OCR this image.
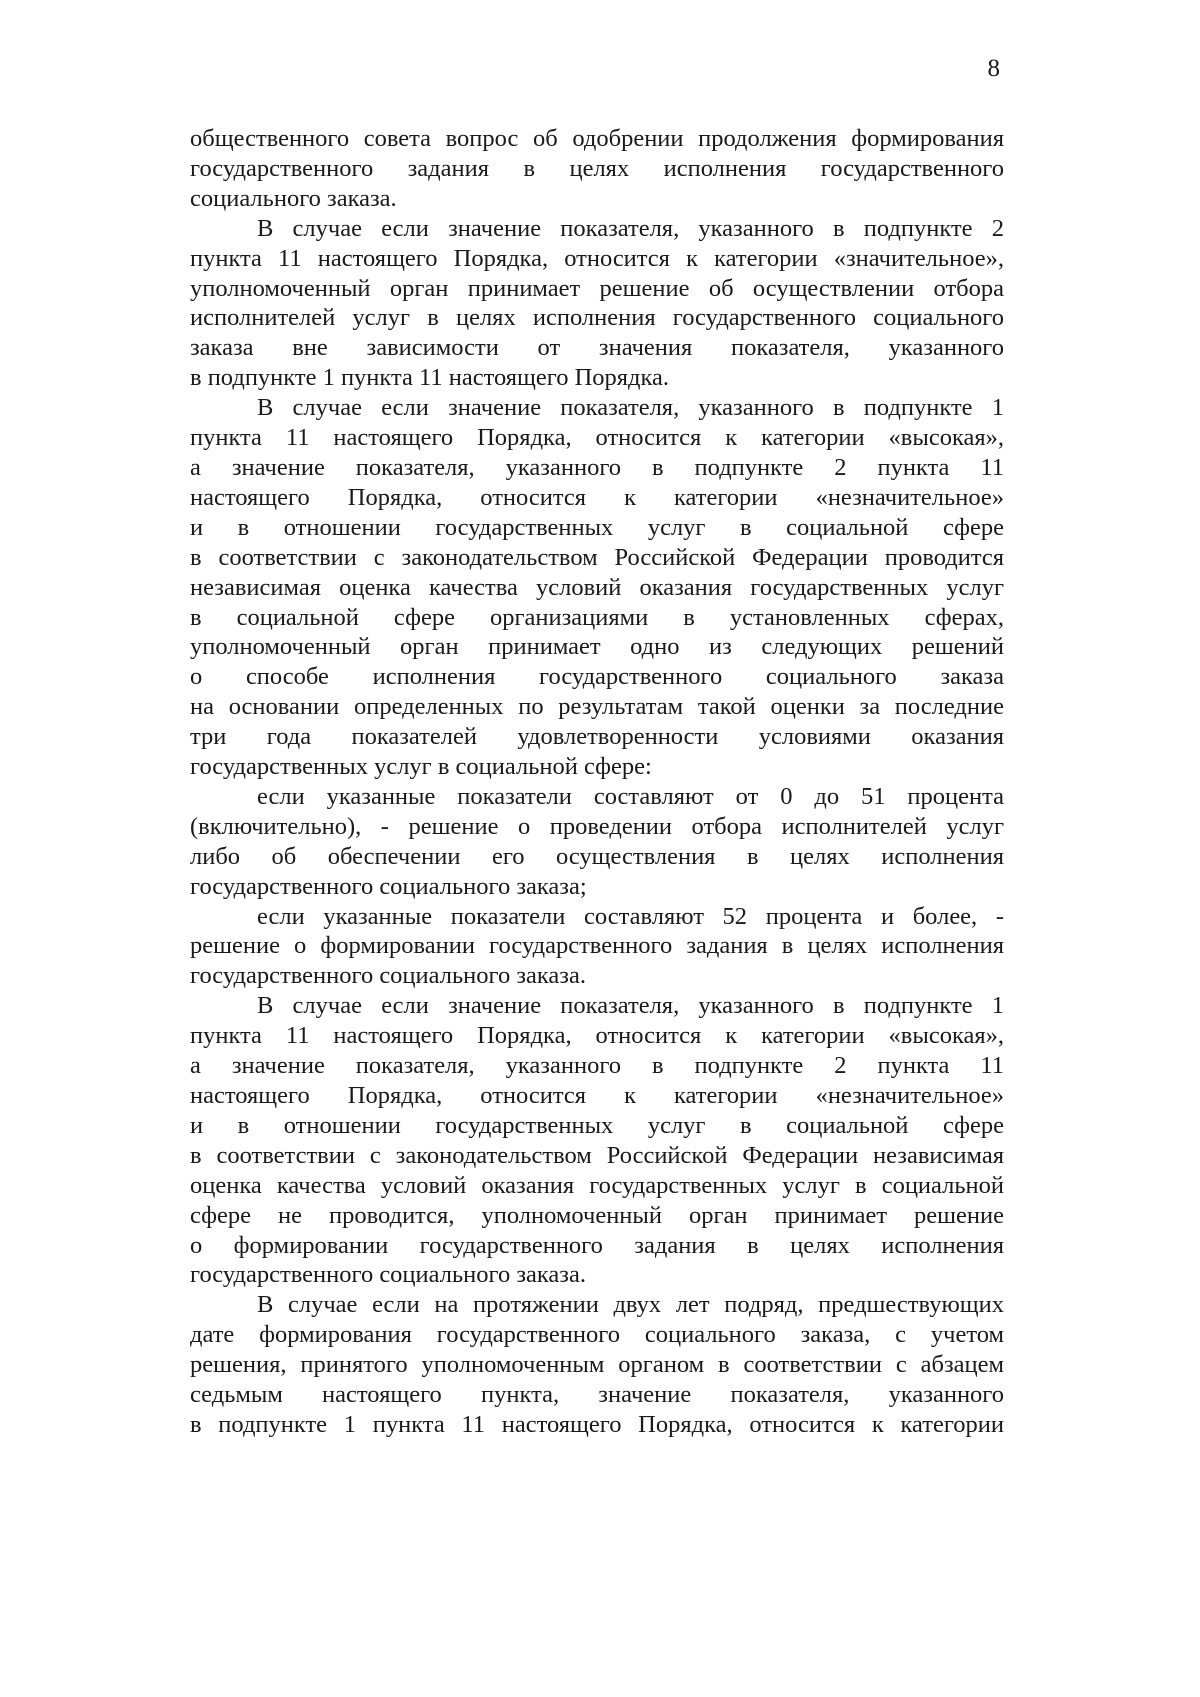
8
общественного совета вопрос об одобрении продолжения формирования
государственного задания в целях исполнения государственного
социального заказа.
В случае если значение показателя, указанного в подпункте 2
пункта 11 настоящего Порядка, относится к категории «значительное»,
уполномоченный орган принимает решение об осуществлении отбора
исполнителей услуг в целях исполнения государственного социального
заказа вне зависимости от значения показателя, указанного
в подпункте 1 пункта 11 настоящего Порядка.
В случае если значение показателя, указанного в подпункте 1
пункта 11 настоящего Порядка, относится к категории «высокая»,
а значение показателя, указанного в подпункте 2 пункта 11
настоящего Порядка, относится к категории «незначительное»
и в отношении государственных услуг в социальной сфере
в соответствии с законодательством Российской Федерации проводится
независимая оценка качества условий оказания государственных услуг
в социальной сфере организациями в установленных сферах,
уполномоченный орган принимает одно из следующих решений
о способе исполнения государственного социального заказа
на основании определенных по результатам такой оценки за последние
три года показателей удовлетворенности условиями оказания
государственных услуг в социальной сфере:
если указанные показатели составляют от 0 до 51 процента
(включительно), - решение о проведении отбора исполнителей услуг
либо об обеспечении его осуществления в целях исполнения
государственного социального заказа;
если указанные показатели составляют 52 процента и более, -
решение о формировании государственного задания в целях исполнения
государственного социального заказа.
В случае если значение показателя, указанного в подпункте 1
пункта 11 настоящего Порядка, относится к категории «высокая»,
а значение показателя, указанного в подпункте 2 пункта 11
настоящего Порядка, относится к категории «незначительное»
и в отношении государственных услуг в социальной сфере
в соответствии с законодательством Российской Федерации независимая
оценка качества условий оказания государственных услуг в социальной
сфере не проводится, уполномоченный орган принимает решение
о формировании государственного задания в целях исполнения
государственного социального заказа.
В случае если на протяжении двух лет подряд, предшествующих
дате формирования государственного социального заказа, с учетом
решения, принятого уполномоченным органом в соответствии с абзацем
седьмым настоящего пункта, значение показателя, указанного
в подпункте 1 пункта 11 настоящего Порядка, относится к категории
